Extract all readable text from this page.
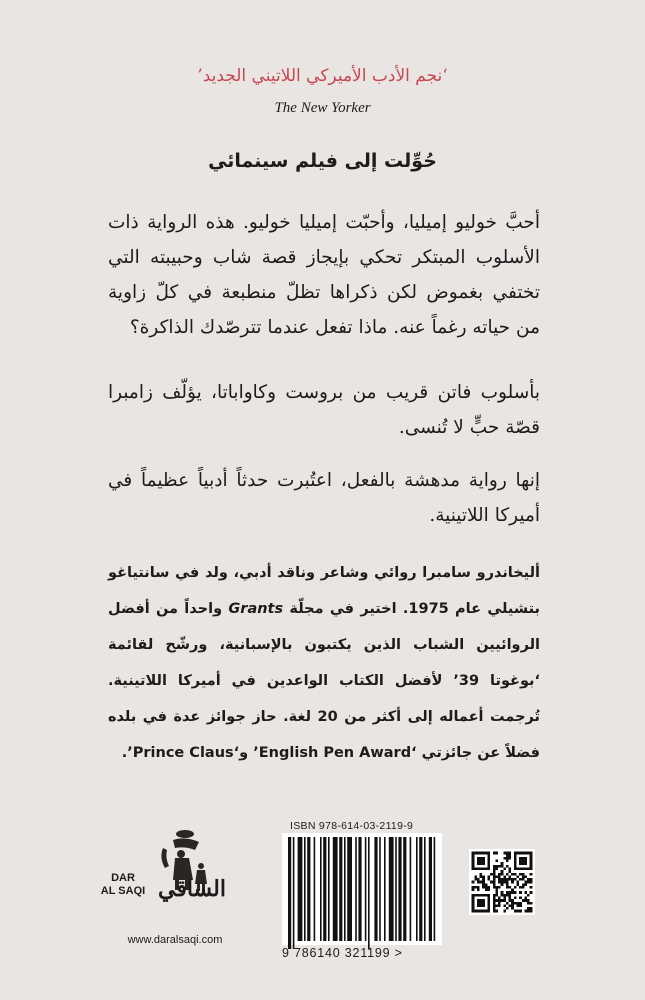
‘نجم الأدب الأميركي اللاتيني الجديد’
The New Yorker
حُوِّلت إلى فيلم سينمائي
أحبَّ خوليو إميليا، وأحبّت إميليا خوليو. هذه الرواية ذات الأسلوب المبتكر تحكي بإيجاز قصة شاب وحبيبته التي تختفي بغموض لكن ذكراها تظلّ منطبعة في كلّ زاوية من حياته رغماً عنه. ماذا تفعل عندما تترصّدك الذاكرة؟
بأسلوب فاتن قريب من بروست وكاواباتا، يؤلّف زامبرا قصّة حبٍّ لا تُنسى.
إنها رواية مدهشة بالفعل، اعتُبرت حدثاً أدبياً عظيماً في أميركا اللاتينية.
أليخاندرو سامبرا روائي وشاعر وناقد أدبي، ولد في سانتياغو بتشيلي عام 1975. اختير في مجلّة Grants واحداً من أفضل الروائيين الشباب الذين يكتبون بالإسبانية، ورشّح لقائمة ‘بوغوتا 39’ لأفضل الكتاب الواعدين في أميركا اللاتينية. تُرجمت أعماله إلى أكثر من 20 لغة. حاز جوائز عدة في بلده فضلاً عن جائزتي ‘English Pen Award’ و‘Prince Claus’.
DAR
AL SAQI الساقي
www.daralsaqi.com
ISBN 978-614-03-2119-9
9 786140 321199 >
